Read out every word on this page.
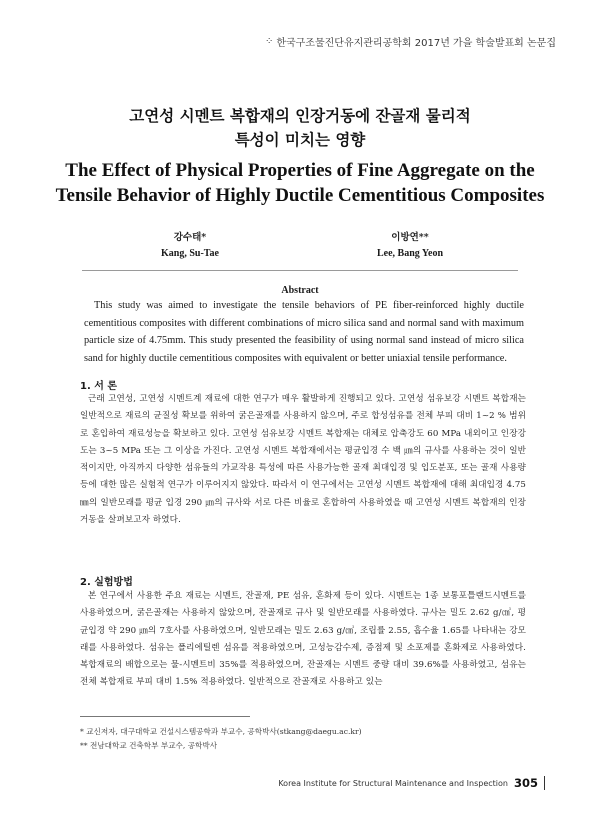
⁘ 한국구조물진단유지관리공학회 2017년 가을 학술발표회 논문집
고연성 시멘트 복합재의 인장거동에 잔골재 물리적
특성이 미치는 영향
The Effect of Physical Properties of Fine Aggregate on the
Tensile Behavior of Highly Ductile Cementitious Composites
강수태*
Kang, Su-Tae
이방연**
Lee, Bang Yeon
Abstract

This study was aimed to investigate the tensile behaviors of PE fiber-reinforced highly ductile cementitious composites with different combinations of micro silica sand and normal sand with maximum particle size of 4.75mm. This study presented the feasibility of using normal sand instead of micro silica sand for highly ductile cementitious composites with equivalent or better uniaxial tensile performance.

1. 서 론

근래 고연성, 고연성 시멘트계 재료에 대한 연구가 매우 활발하게 진행되고 있다. 고연성 섬유보강 시멘트 복합재는 일반적으로 재료의 균질성 확보를 위하여 굵은골재를 사용하지 않으며, 주로 합성섬유를 전체 부피 대비 1~2 % 범위로 혼입하여 재료성능을 확보하고 있다. 고연성 섬유보강 시멘트 복합재는 대체로 압축강도 60 MPa 내외이고 인장강도는 3~5 MPa 또는 그 이상을 가진다. 고연성 시멘트 복합재에서는 평균입경 수 백 ㎛의 규사를 사용하는 것이 일반적이지만, 아직까지 다양한 섬유들의 가교작용 특성에 따른 사용가능한 골재 최대입경 및 입도분포, 또는 골재 사용량 등에 대한 많은 실험적 연구가 이루어지지 않았다. 따라서 이 연구에서는 고연성 시멘트 복합재에 대해 최대입경 4.75 ㎜의 일반모래를 평균 입경 290 ㎛의 규사와 서로 다른 비율로 혼합하여 사용하였을 때 고연성 시멘트 복합재의 인장거동을 살펴보고자 하였다.

2. 실험방법

본 연구에서 사용한 주요 재료는 시멘트, 잔골재, PE 섬유, 혼화제 등이 있다. 시멘트는 1종 보통포틀랜드시멘트를 사용하였으며, 굵은골재는 사용하지 않았으며, 잔골재로 규사 및 일반모래를 사용하였다. 규사는 밀도 2.62 g/㎤, 평균입경 약 290 ㎛의 7호사를 사용하였으며, 일반모래는 밀도 2.63 g/㎤, 조립률 2.55, 흡수율 1.65를 나타내는 강모래를 사용하였다. 섬유는 폴리에틸렌 섬유를 적용하였으며, 고성능감수제, 증점제 및 소포제를 혼화제로 사용하였다. 복합재료의 배합으로는 물-시멘트비 35%를 적용하였으며, 잔골재는 시멘트 중량 대비 39.6%를 사용하였고, 섬유는 전체 복합재료 부피 대비 1.5% 적용하였다. 일반적으로 잔골재로 사용하고 있는

* 교신저자, 대구대학교 건설시스템공학과 부교수, 공학박사(stkang@daegu.ac.kr)
** 전남대학교 건축학부 부교수, 공학박사
Korea Institute for Structural Maintenance and Inspection 305
